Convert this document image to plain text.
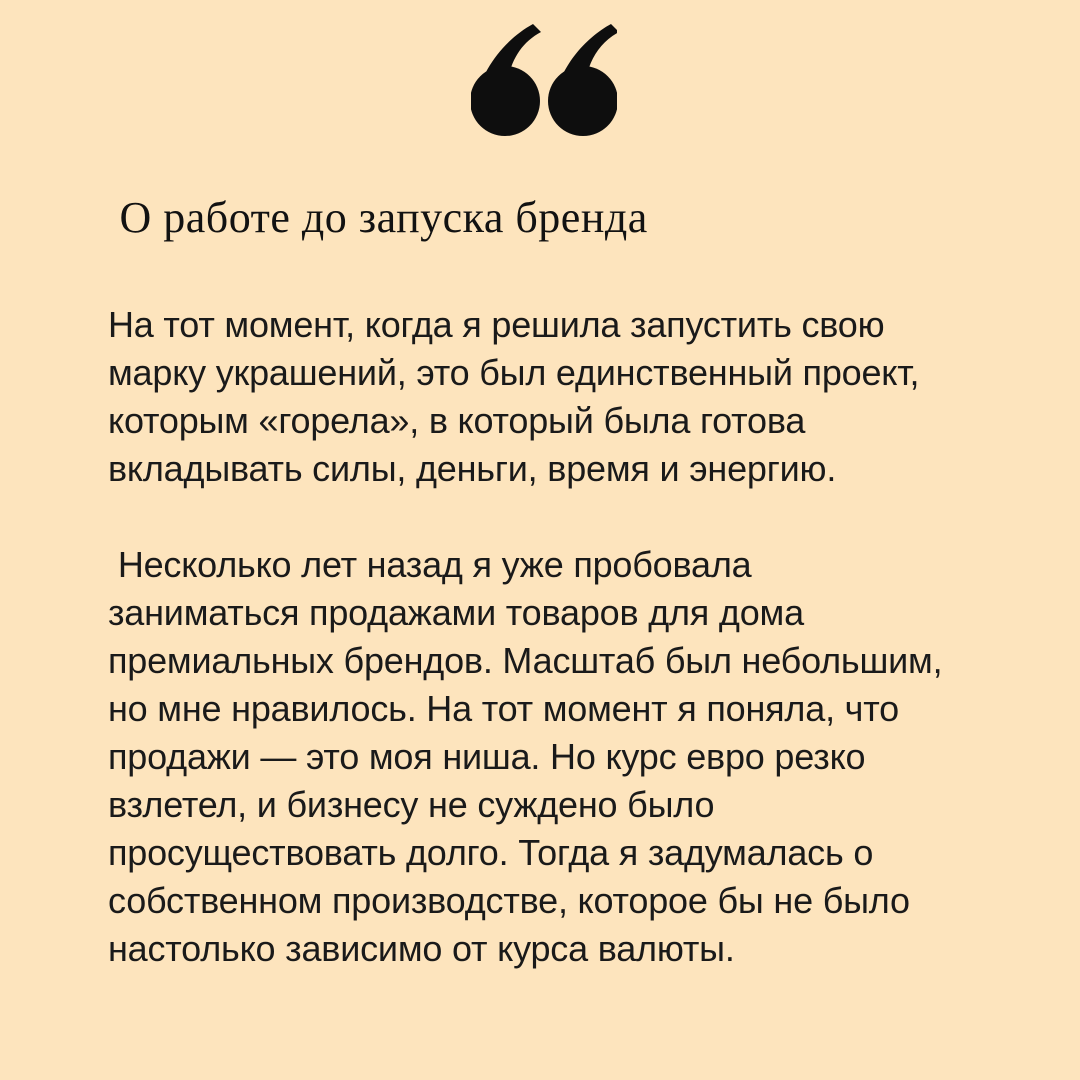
О работе до запуска бренда
На тот момент, когда я решила запустить свою
марку украшений, это был единственный проект,
которым «горела», в который была готова
вкладывать силы, деньги, время и энергию.
Несколько лет назад я уже пробовала
заниматься продажами товаров для дома
премиальных брендов. Масштаб был небольшим,
но мне нравилось. На тот момент я поняла, что
продажи — это моя ниша. Но курс евро резко
взлетел, и бизнесу не суждено было
просуществовать долго. Тогда я задумалась о
собственном производстве, которое бы не было
настолько зависимо от курса валюты.
